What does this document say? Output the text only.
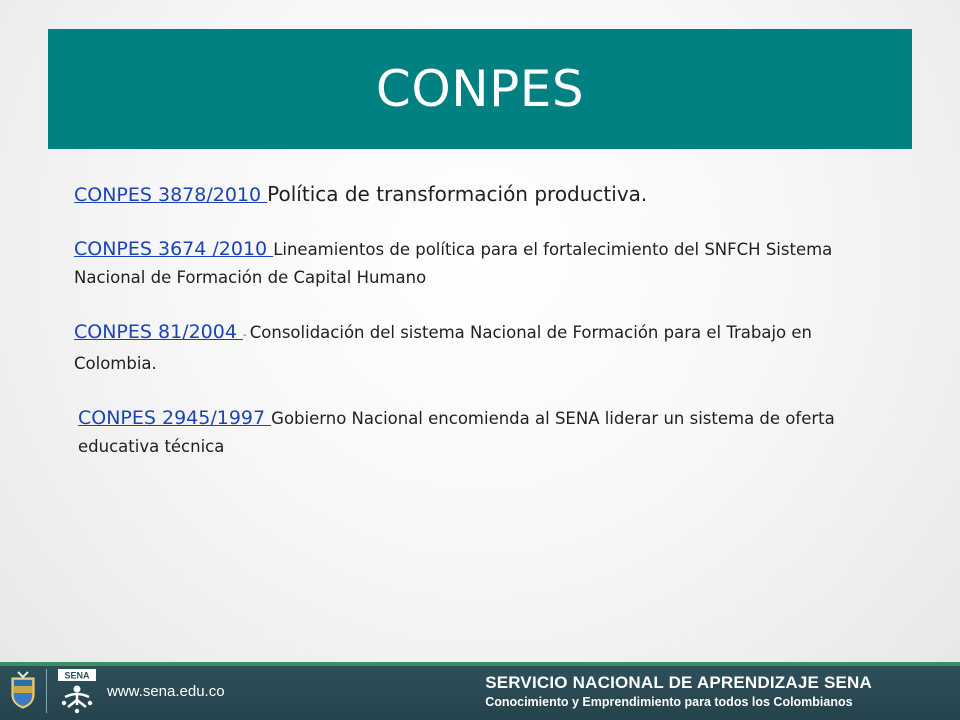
CONPES

CONPES 3878/2010 Política de transformación productiva.

CONPES 3674 /2010 Lineamientos de política para el fortalecimiento del SNFCH Sistema Nacional de Formación de Capital Humano

CONPES 81/2004 - Consolidación del sistema Nacional de Formación para el Trabajo en Colombia.

CONPES 2945/1997 Gobierno Nacional encomienda al SENA liderar un sistema de oferta educativa técnica

SENA
www.sena.edu.co	SERVICIO NACIONAL DE APRENDIZAJE SENA
Conocimiento y Emprendimiento para todos los Colombianos
